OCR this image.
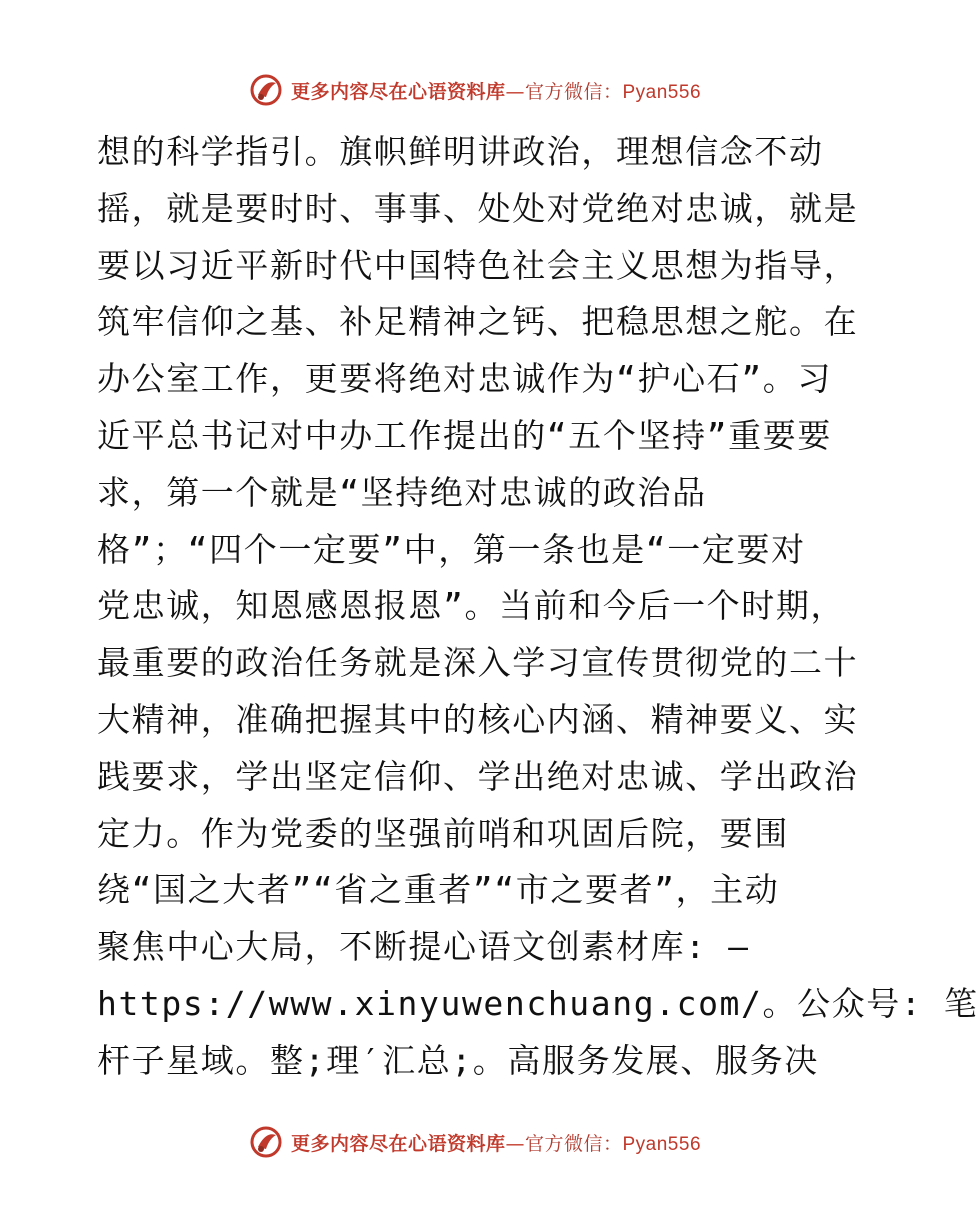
更多内容尽在心语资料库—官方微信：Pyan556
想的科学指引。旗帜鲜明讲政治，理想信念不动
摇，就是要时时、事事、处处对党绝对忠诚，就是
要以习近平新时代中国特色社会主义思想为指导，
筑牢信仰之基、补足精神之钙、把稳思想之舵。在
办公室工作，更要将绝对忠诚作为“护心石”。习
近平总书记对中办工作提出的“五个坚持”重要要
求，第一个就是“坚持绝对忠诚的政治品
格”；“四个一定要”中，第一条也是“一定要对
党忠诚，知恩感恩报恩”。当前和今后一个时期，
最重要的政治任务就是深入学习宣传贯彻党的二十
大精神，准确把握其中的核心内涵、精神要义、实
践要求，学出坚定信仰、学出绝对忠诚、学出政治
定力。作为党委的坚强前哨和巩固后院，要围
绕“国之大者”“省之重者”“市之要者”，主动
聚焦中心大局，不断提心语文创素材库: —
https://www.xinyuwenchuang.com/。公众号: 笔
杆子星域。整;理′汇总;。高服务发展、服务决
更多内容尽在心语资料库—官方微信：Pyan556
